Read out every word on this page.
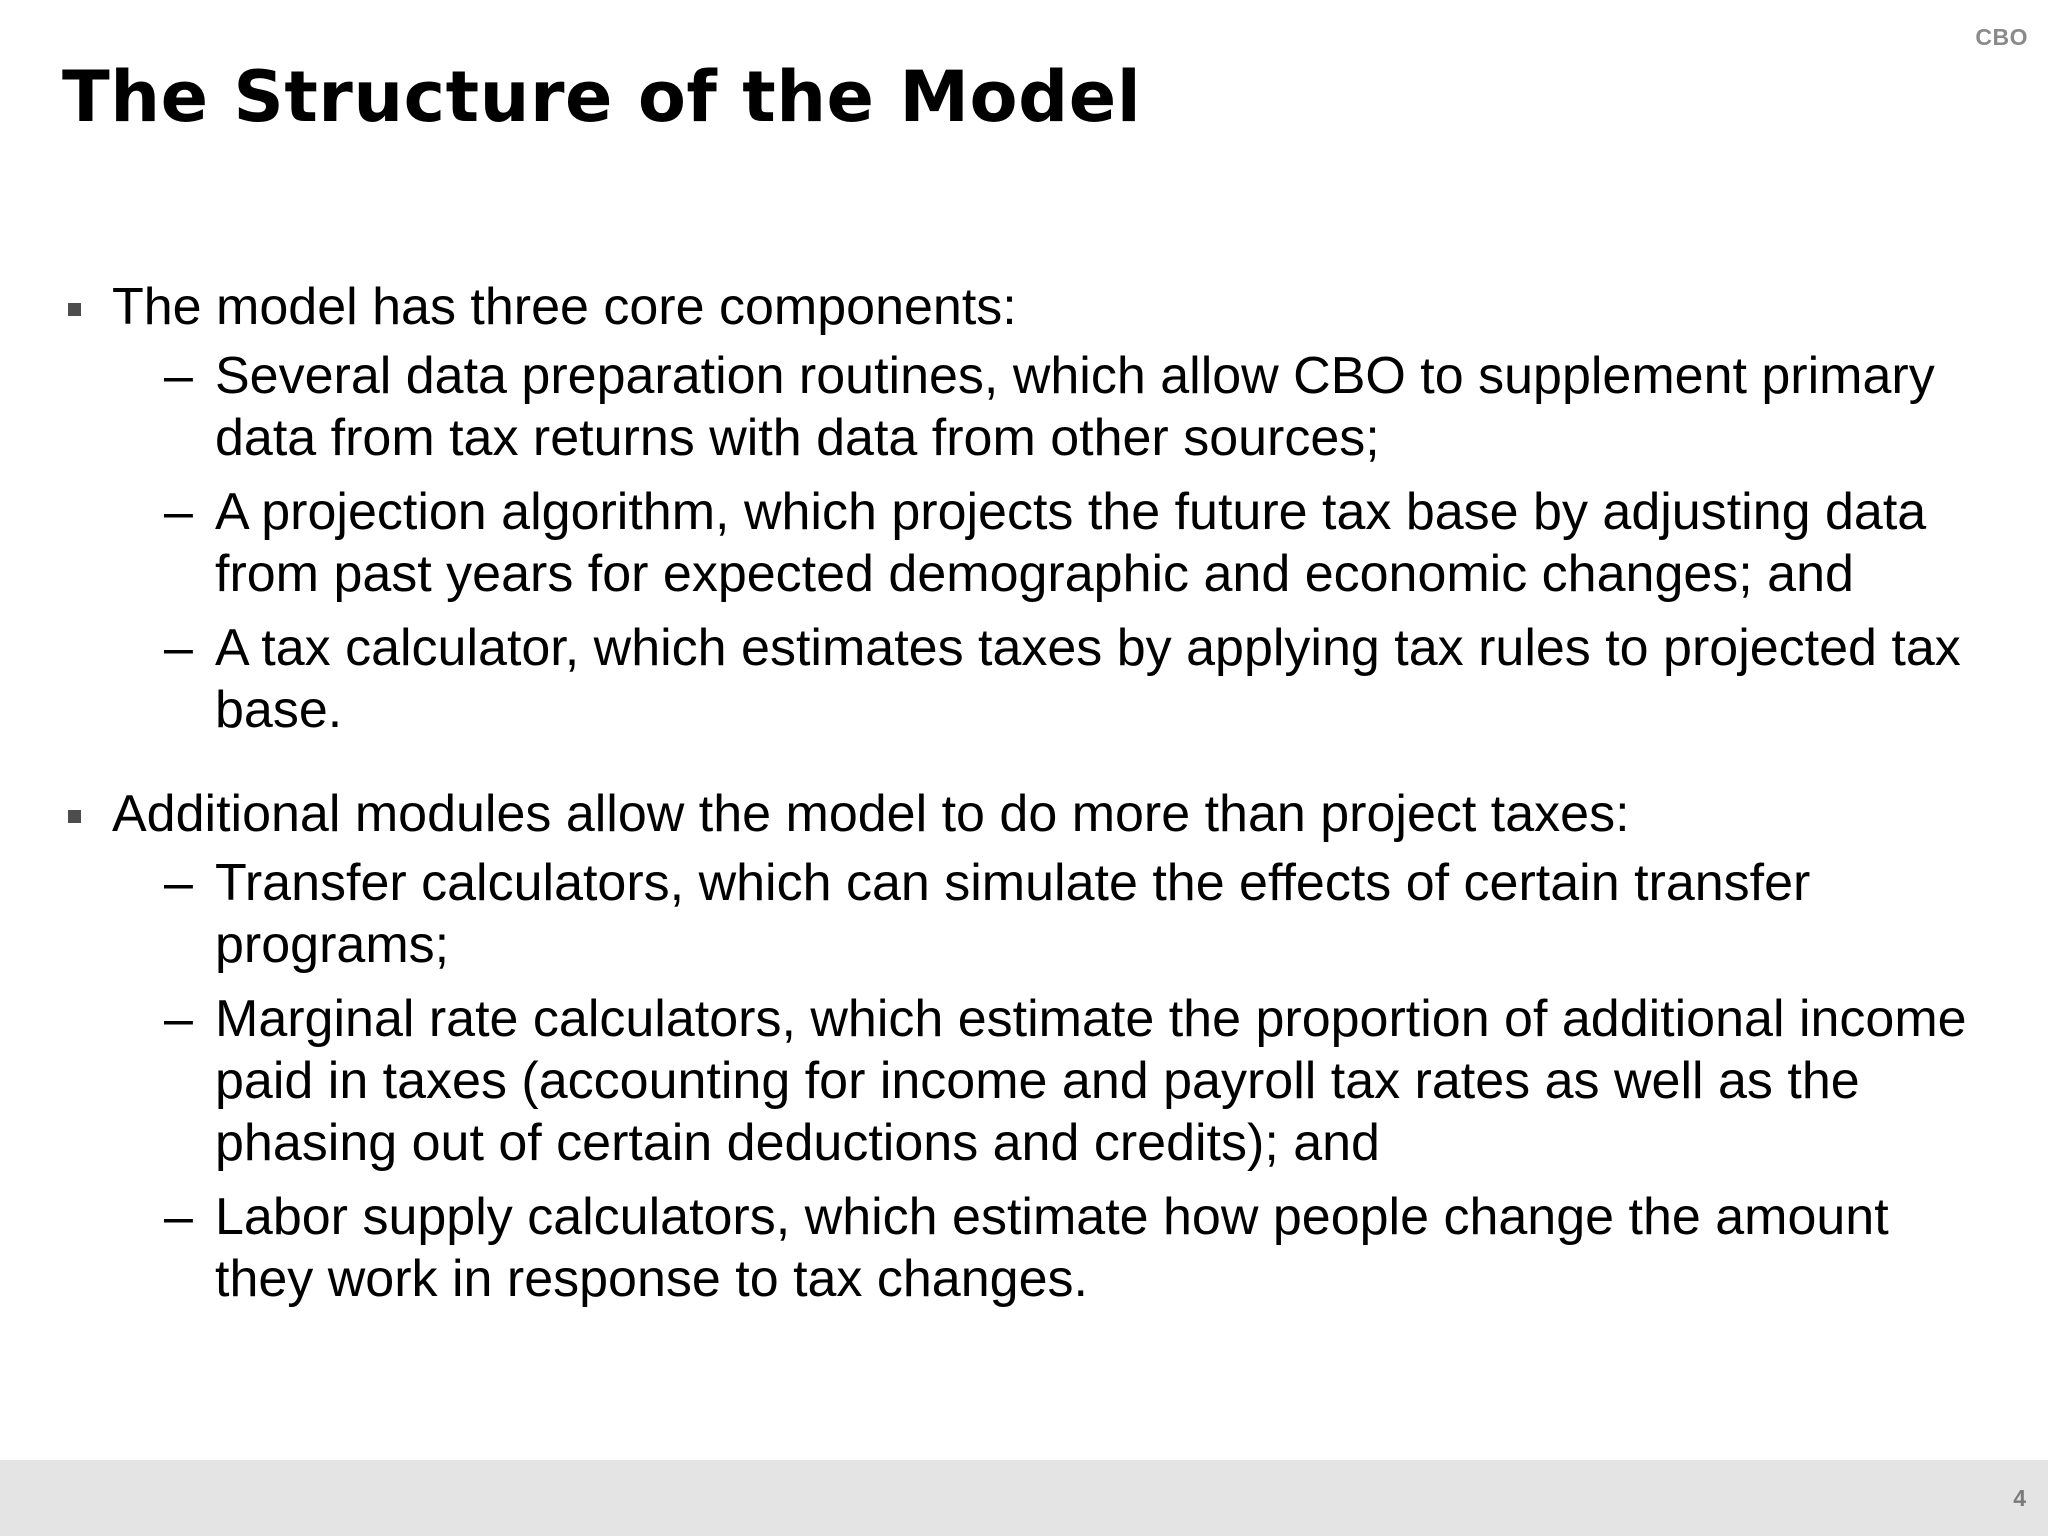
CBO
The Structure of the Model
The model has three core components:
– Several data preparation routines, which allow CBO to supplement primary data from tax returns with data from other sources;
– A projection algorithm, which projects the future tax base by adjusting data from past years for expected demographic and economic changes; and
– A tax calculator, which estimates taxes by applying tax rules to projected tax base.
Additional modules allow the model to do more than project taxes:
– Transfer calculators, which can simulate the effects of certain transfer programs;
– Marginal rate calculators, which estimate the proportion of additional income paid in taxes (accounting for income and payroll tax rates as well as the phasing out of certain deductions and credits); and
– Labor supply calculators, which estimate how people change the amount they work in response to tax changes.
4
